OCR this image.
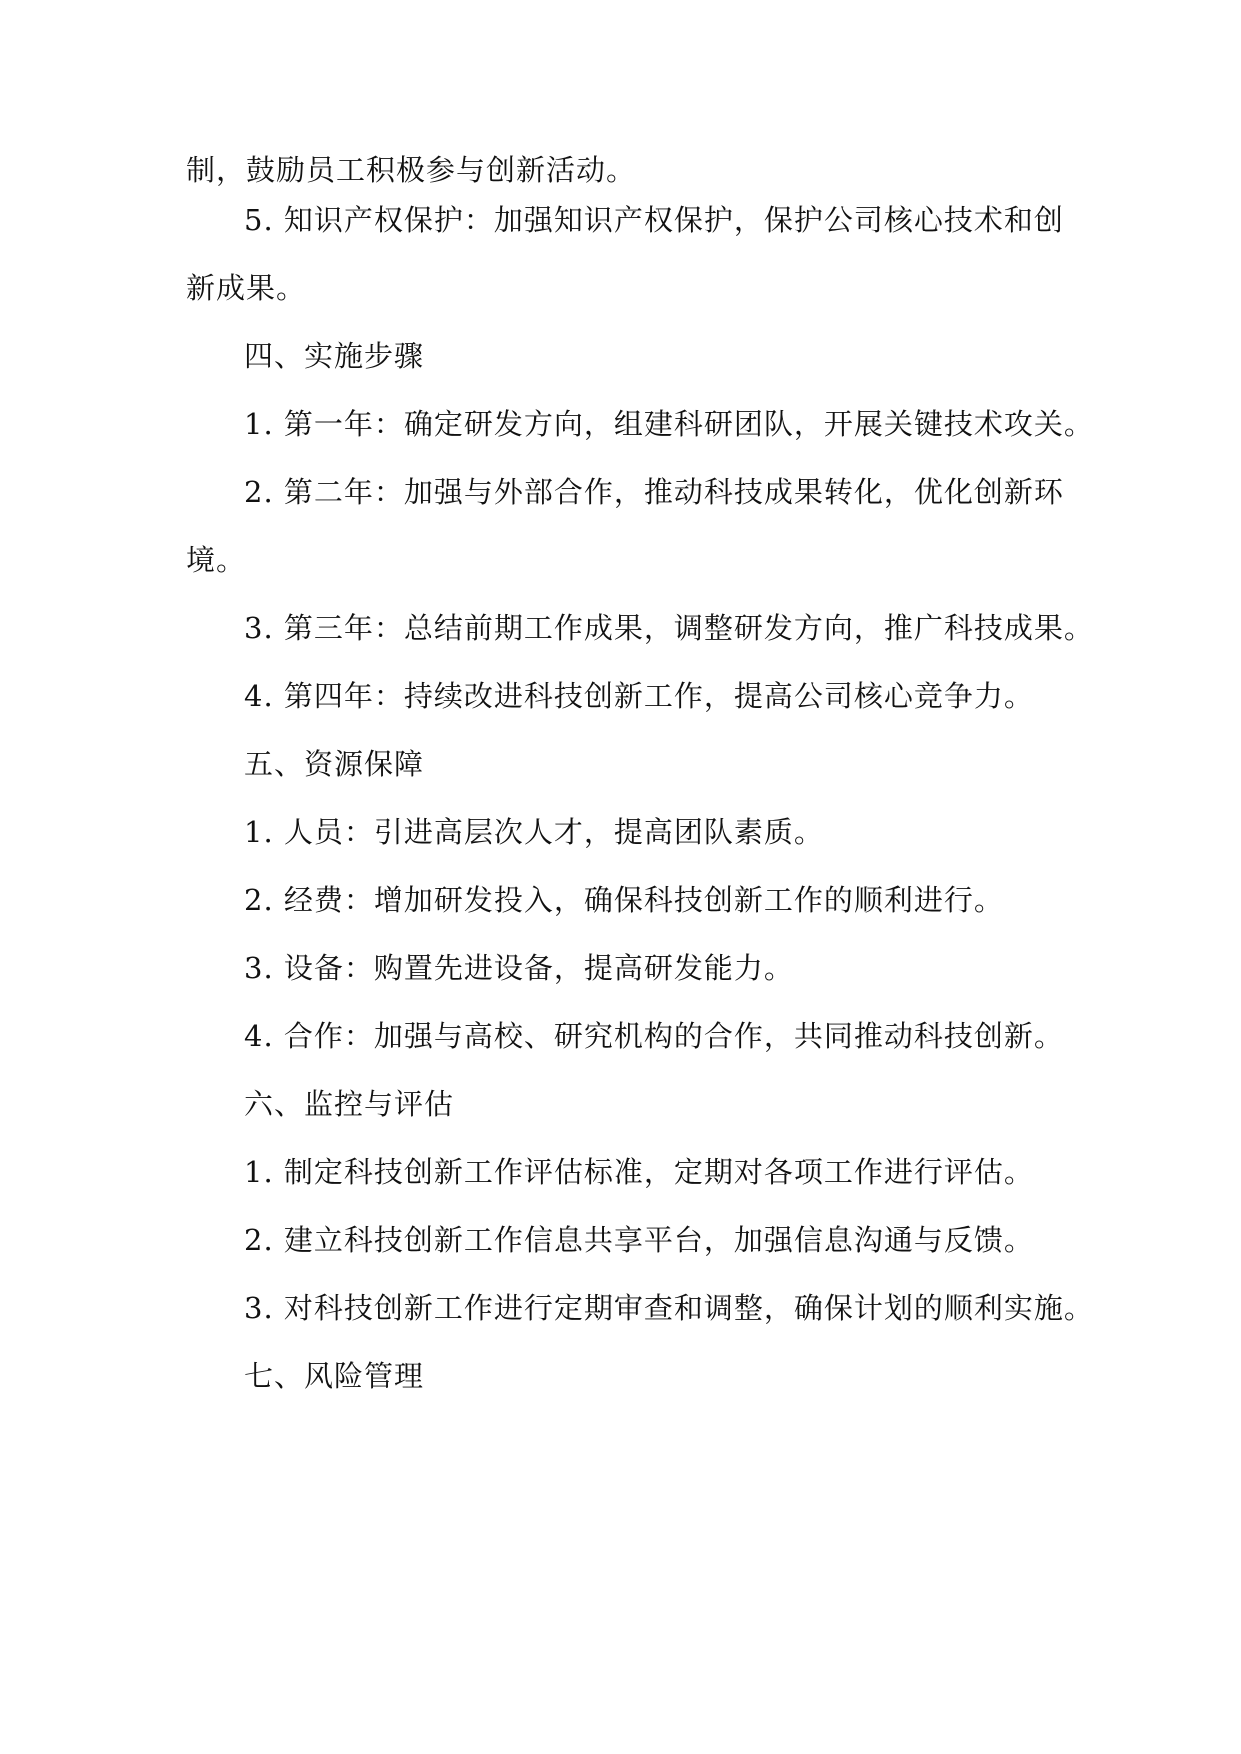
制，鼓励员工积极参与创新活动。
5. 知识产权保护：加强知识产权保护，保护公司核心技术和创
新成果。
四、实施步骤
1. 第一年：确定研发方向，组建科研团队，开展关键技术攻关。
2. 第二年：加强与外部合作，推动科技成果转化，优化创新环
境。
3. 第三年：总结前期工作成果，调整研发方向，推广科技成果。
4. 第四年：持续改进科技创新工作，提高公司核心竞争力。
五、资源保障
1. 人员：引进高层次人才，提高团队素质。
2. 经费：增加研发投入，确保科技创新工作的顺利进行。
3. 设备：购置先进设备，提高研发能力。
4. 合作：加强与高校、研究机构的合作，共同推动科技创新。
六、监控与评估
1. 制定科技创新工作评估标准，定期对各项工作进行评估。
2. 建立科技创新工作信息共享平台，加强信息沟通与反馈。
3. 对科技创新工作进行定期审查和调整，确保计划的顺利实施。
七、风险管理
